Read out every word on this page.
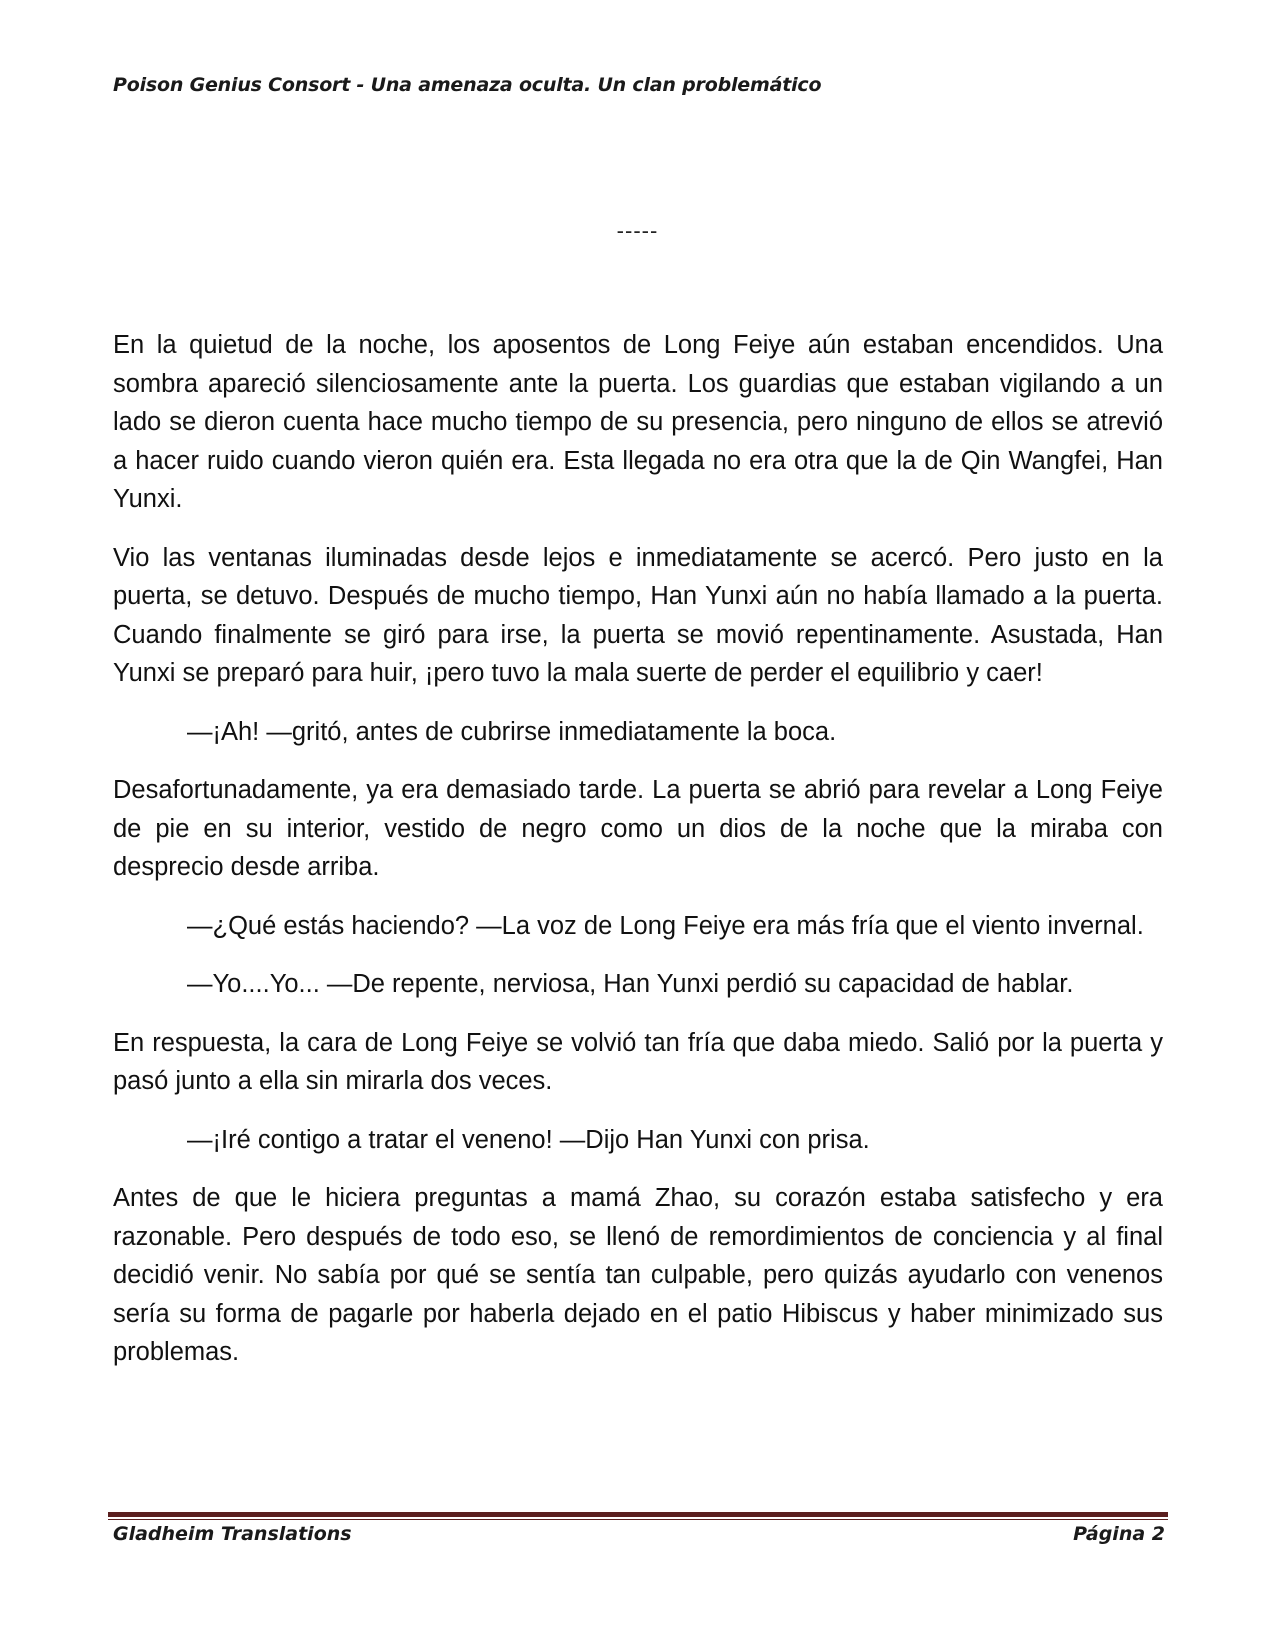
Poison Genius Consort - Una amenaza oculta. Un clan problemático
-----

En la quietud de la noche, los aposentos de Long Feiye aún estaban encendidos. Una sombra apareció silenciosamente ante la puerta. Los guardias que estaban vigilando a un lado se dieron cuenta hace mucho tiempo de su presencia, pero ninguno de ellos se atrevió a hacer ruido cuando vieron quién era. Esta llegada no era otra que la de Qin Wangfei, Han Yunxi.

Vio las ventanas iluminadas desde lejos e inmediatamente se acercó. Pero justo en la puerta, se detuvo. Después de mucho tiempo, Han Yunxi aún no había llamado a la puerta. Cuando finalmente se giró para irse, la puerta se movió repentinamente. Asustada, Han Yunxi se preparó para huir, ¡pero tuvo la mala suerte de perder el equilibrio y caer!

—¡Ah! —gritó, antes de cubrirse inmediatamente la boca.

Desafortunadamente, ya era demasiado tarde. La puerta se abrió para revelar a Long Feiye de pie en su interior, vestido de negro como un dios de la noche que la miraba con desprecio desde arriba.

—¿Qué estás haciendo? —La voz de Long Feiye era más fría que el viento invernal.

—Yo....Yo... —De repente, nerviosa, Han Yunxi perdió su capacidad de hablar.

En respuesta, la cara de Long Feiye se volvió tan fría que daba miedo. Salió por la puerta y pasó junto a ella sin mirarla dos veces.

—¡Iré contigo a tratar el veneno! —Dijo Han Yunxi con prisa.

Antes de que le hiciera preguntas a mamá Zhao, su corazón estaba satisfecho y era razonable. Pero después de todo eso, se llenó de remordimientos de conciencia y al final decidió venir. No sabía por qué se sentía tan culpable, pero quizás ayudarlo con venenos sería su forma de pagarle por haberla dejado en el patio Hibiscus y haber minimizado sus problemas.

Gladheim Translations	Página 2
